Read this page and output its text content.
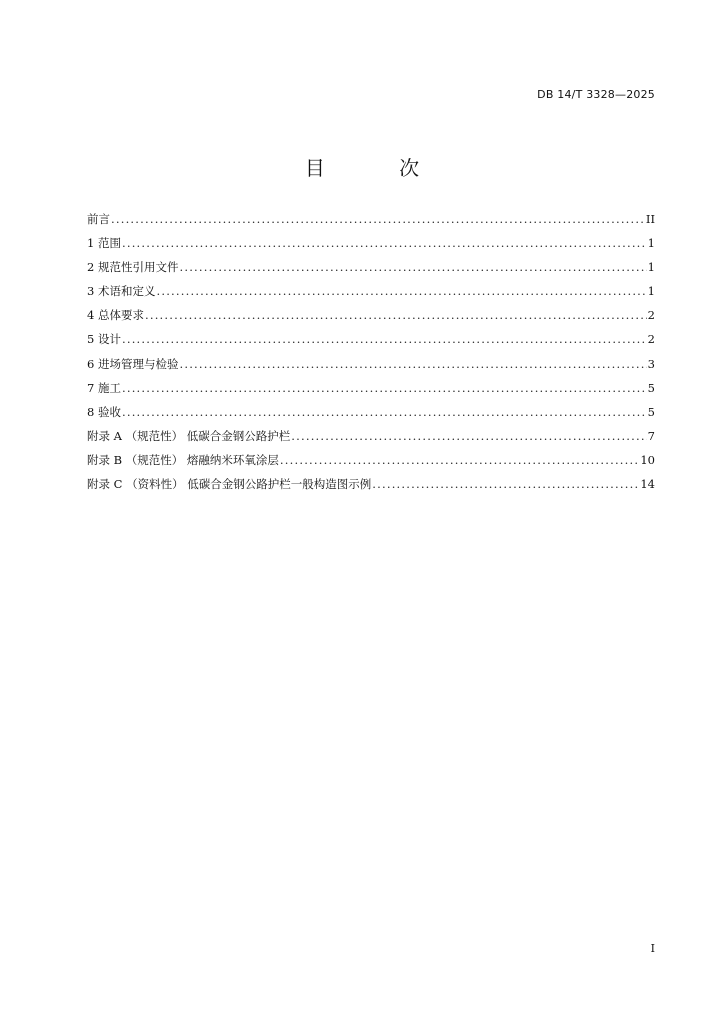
DB 14/T 3328—2025
目 次
前言 .....	II
1 范围 .....	1
2 规范性引用文件 .....	1
3 术语和定义 .....	1
4 总体要求 .....	2
5 设计 .....	2
6 进场管理与检验 .....	3
7 施工 .....	5
8 验收 .....	5
附录 A （规范性） 低碳合金钢公路护栏 .....	7
附录 B （规范性） 熔融纳米环氧涂层 .....	10
附录 C （资料性） 低碳合金钢公路护栏一般构造图示例 .....	14
I
